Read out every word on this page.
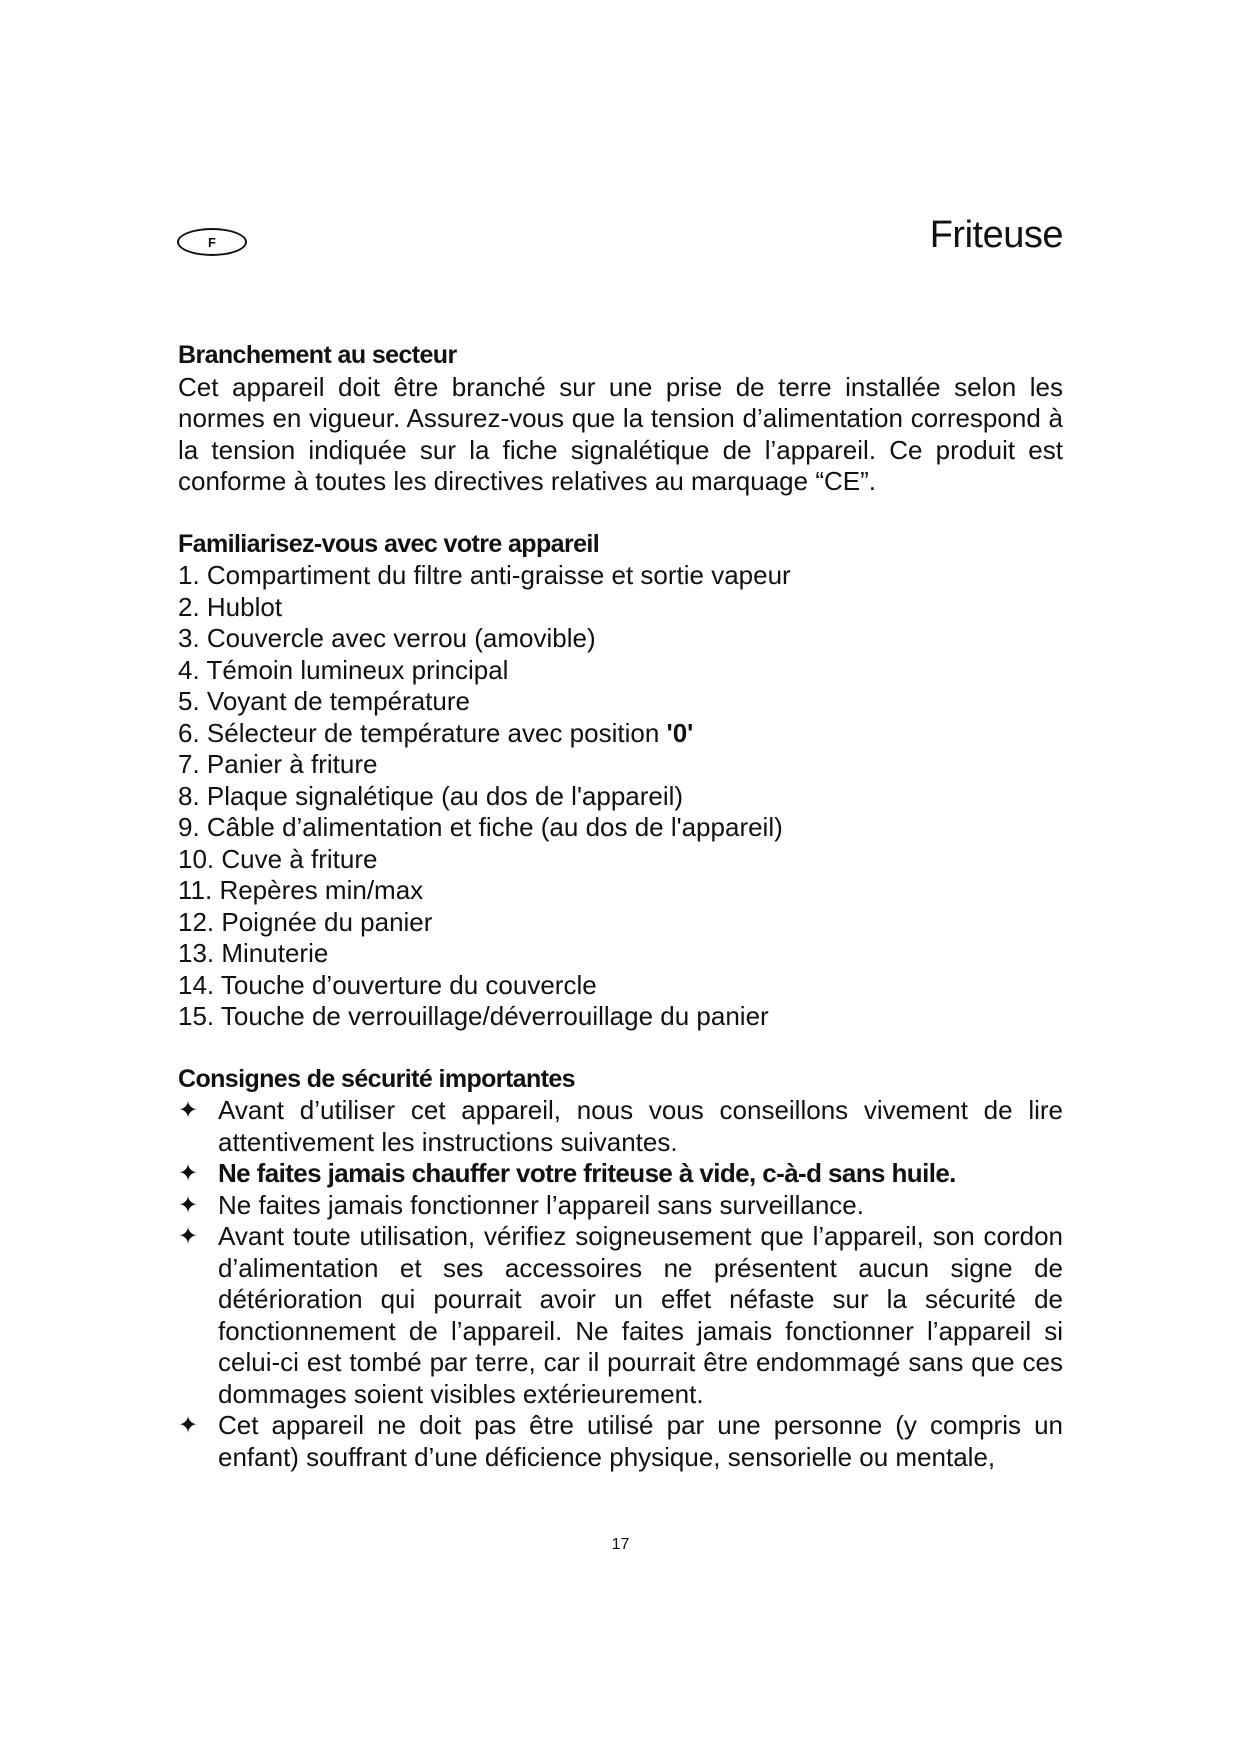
F	Friteuse
Branchement au secteur

Cet appareil doit être branché sur une prise de terre installée selon les normes en vigueur. Assurez-vous que la tension d’alimentation correspond à la tension indiquée sur la fiche signalétique de l’appareil. Ce produit est conforme à toutes les directives relatives au marquage “CE”.

Familiarisez-vous avec votre appareil
1. Compartiment du filtre anti-graisse et sortie vapeur
2. Hublot
3. Couvercle avec verrou (amovible)
4. Témoin lumineux principal
5. Voyant de température
6. Sélecteur de température avec position '0'
7. Panier à friture
8. Plaque signalétique (au dos de l'appareil)
9. Câble d’alimentation et fiche (au dos de l'appareil)
10. Cuve à friture
11. Repères min/max
12. Poignée du panier
13. Minuterie
14. Touche d’ouverture du couvercle
15. Touche de verrouillage/déverrouillage du panier
Consignes de sécurité importantes
✦ Avant d’utiliser cet appareil, nous vous conseillons vivement de lire attentivement les instructions suivantes.
✦ Ne faites jamais chauffer votre friteuse à vide, c-à-d sans huile.
✦ Ne faites jamais fonctionner l’appareil sans surveillance.
✦ Avant toute utilisation, vérifiez soigneusement que l’appareil, son cordon d’alimentation et ses accessoires ne présentent aucun signe de détérioration qui pourrait avoir un effet néfaste sur la sécurité de fonctionnement de l’appareil. Ne faites jamais fonctionner l’appareil si celui-ci est tombé par terre, car il pourrait être endommagé sans que ces dommages soient visibles extérieurement.
✦ Cet appareil ne doit pas être utilisé par une personne (y compris un enfant) souffrant d’une déficience physique, sensorielle ou mentale,
17
